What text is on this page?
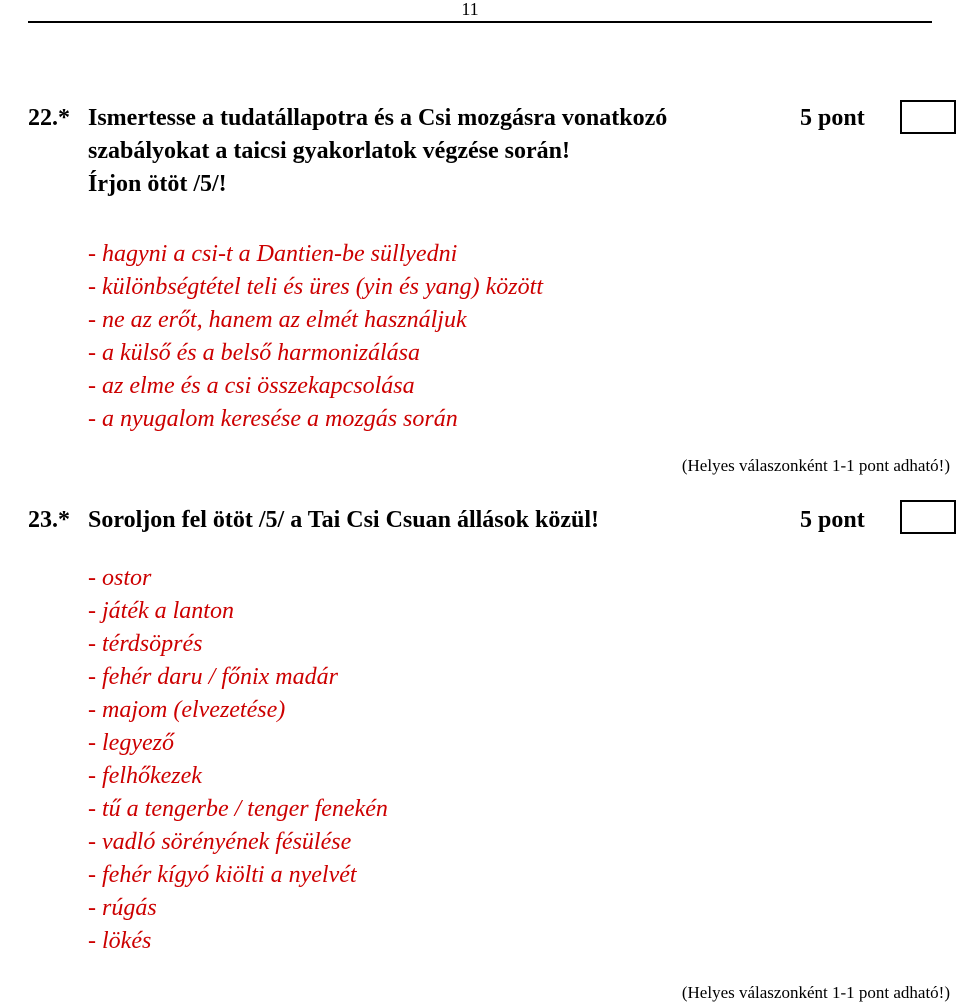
11
22.* Ismertesse a tudatállapotra és a Csi mozgásra vonatkozó
szabályokat a taicsi gyakorlatok végzése során!
Írjon ötöt /5/!
5 pont
- hagyni a csi-t a Dantien-be süllyedni
- különbségtétel teli és üres (yin és yang) között
- ne az erőt, hanem az elmét használjuk
- a külső és a belső harmonizálása
- az elme és a csi összekapcsolása
- a nyugalom keresése a mozgás során
(Helyes válaszonként 1-1 pont adható!)
23.* Soroljon fel ötöt /5/ a Tai Csi Csuan állások közül!	5 pont
- ostor
- játék a lanton
- térdsöprés
- fehér daru / főnix madár
- majom (elvezetése)
- legyező
- felhőkezek
- tű a tengerbe / tenger fenekén
- vadló sörényének fésülése
- fehér kígyó kiölti a nyelvét
- rúgás
- lökés
(Helyes válaszonként 1-1 pont adható!)
